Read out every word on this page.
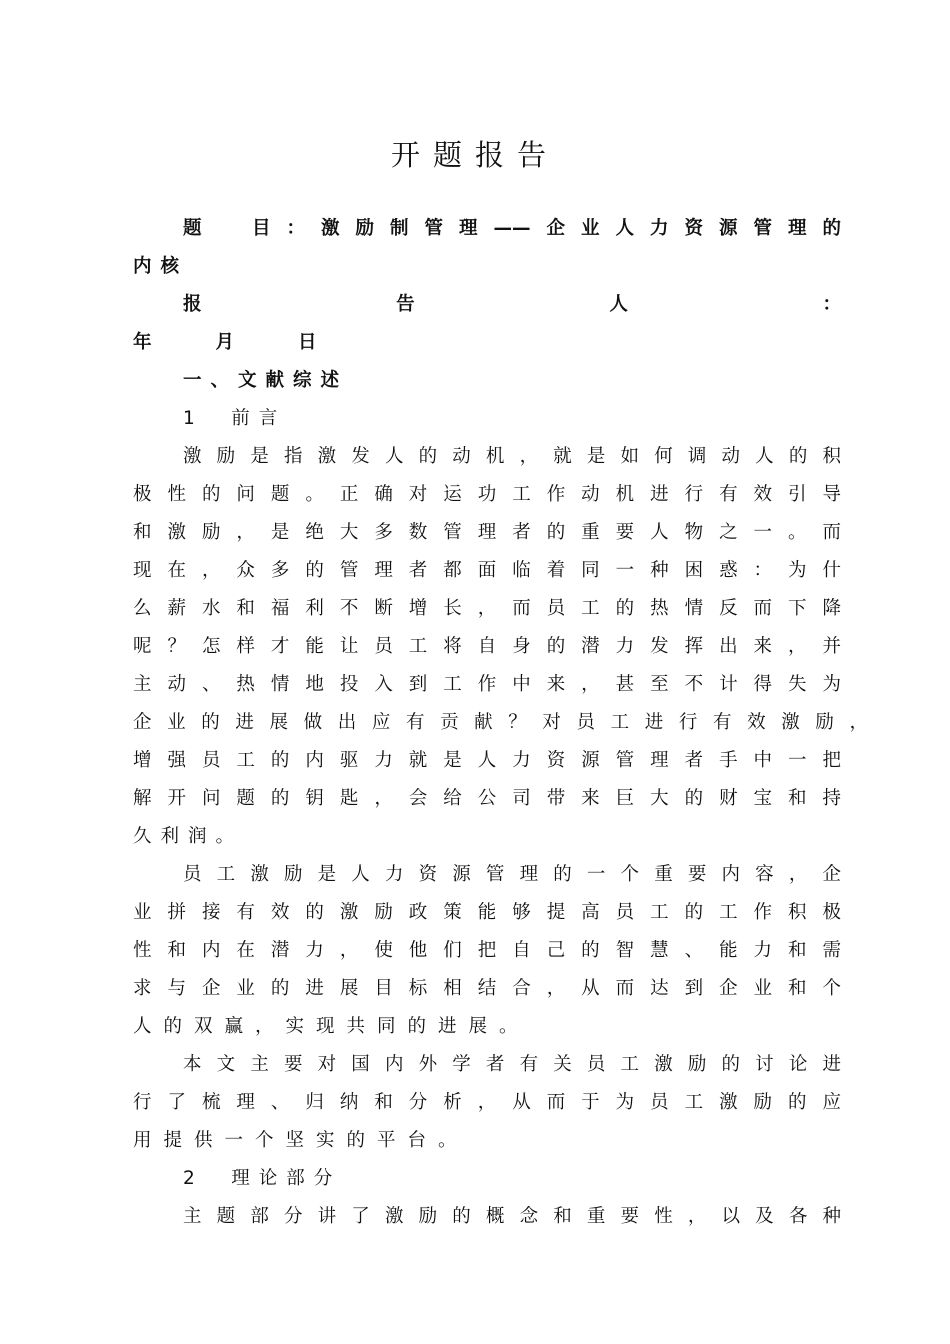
开题报告
题　目：激励制管理——企业人力资源管理的
内核
报　　　告　　　人　　　：
年　　月　　日
一、文献综述
1　前言
激励是指激发人的动机，就是如何调动人的积
极性的问题。正确对运功工作动机进行有效引导
和激励，是绝大多数管理者的重要人物之一。而
现在，众多的管理者都面临着同一种困惑：为什
么薪水和福利不断增长，而员工的热情反而下降
呢？怎样才能让员工将自身的潜力发挥出来，并
主动、热情地投入到工作中来，甚至不计得失为
企业的进展做出应有贡献？对员工进行有效激励，
增强员工的内驱力就是人力资源管理者手中一把
解开问题的钥匙，会给公司带来巨大的财宝和持
久利润。
员工激励是人力资源管理的一个重要内容，企
业拼接有效的激励政策能够提高员工的工作积极
性和内在潜力，使他们把自己的智慧、能力和需
求与企业的进展目标相结合，从而达到企业和个
人的双赢，实现共同的进展。
本文主要对国内外学者有关员工激励的讨论进
行了梳理、归纳和分析，从而于为员工激励的应
用提供一个坚实的平台。
2　理论部分
主题部分讲了激励的概念和重要性，以及各种
